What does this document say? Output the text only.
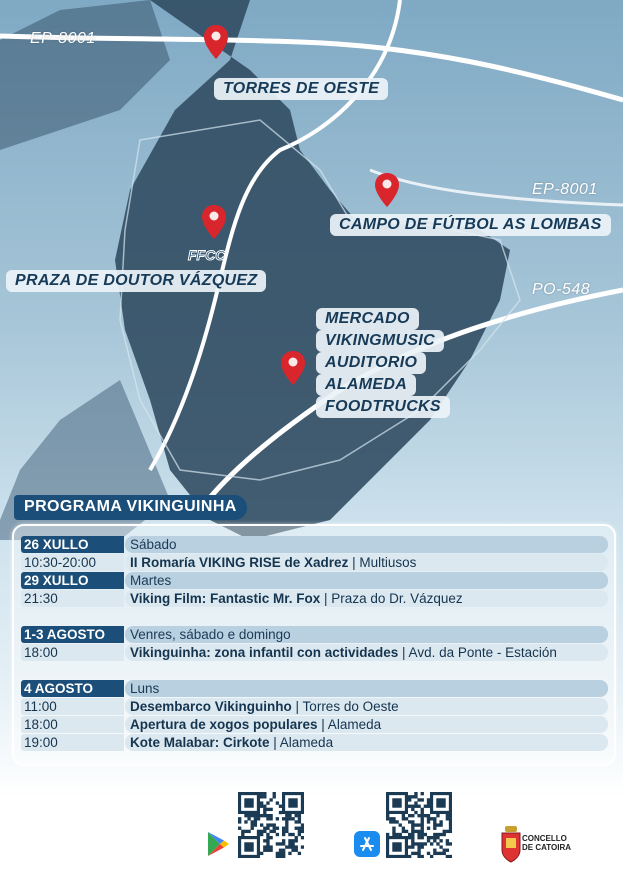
EP-8001
EP-8001
PO-548
TORRES DE OESTE
CAMPO DE FÚTBOL AS LOMBAS
FFCC
PRAZA DE DOUTOR VÁZQUEZ
MERCADO
VIKINGMUSIC
AUDITORIO
ALAMEDA
FOODTRUCKS
PROGRAMA VIKINGUINHA
26 XULLO	Sábado
10:30-20:00	II Romaría VIKING RISE de Xadrez | Multiusos
29 XULLO	Martes
21:30	Viking Film: Fantastic Mr. Fox | Praza do Dr. Vázquez
1-3 AGOSTO	Venres, sábado e domingo
18:00	Vikinguinha: zona infantil con actividades | Avd. da Ponte - Estación
4 AGOSTO	Luns
11:00	Desembarco Vikinguinho | Torres do Oeste
18:00	Apertura de xogos populares | Alameda
19:00	Kote Malabar: Cirkote | Alameda
CONCELLO
DE CATOIRA
